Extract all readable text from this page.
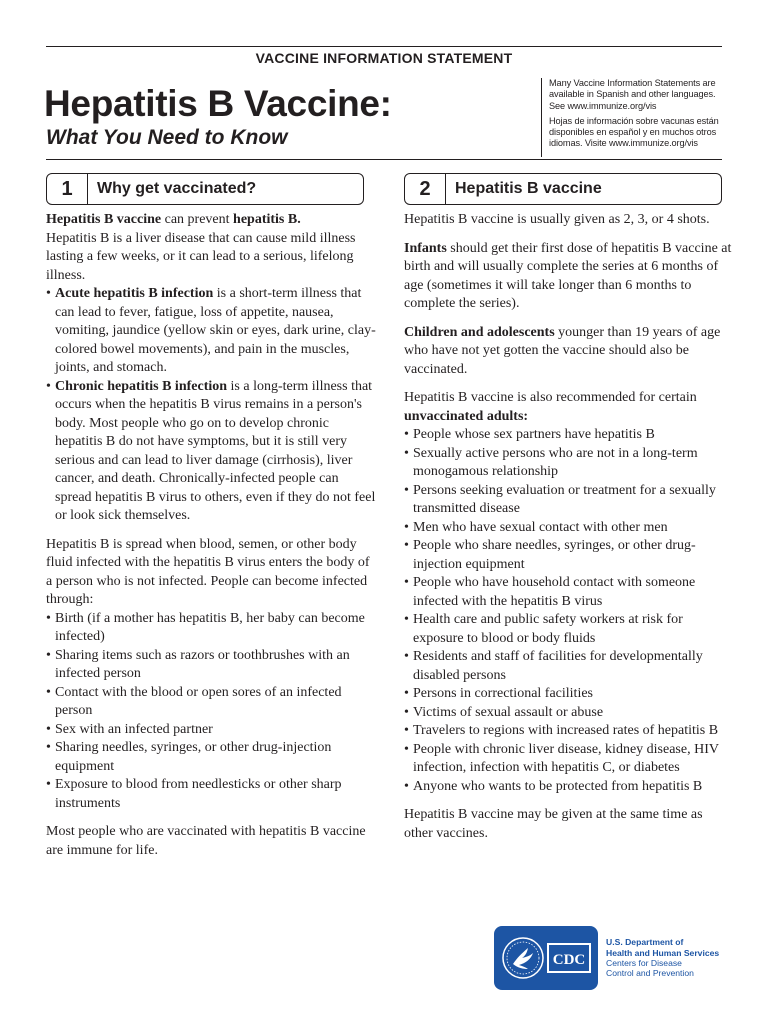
VACCINE INFORMATION STATEMENT
Hepatitis B Vaccine:
What You Need to Know

Many Vaccine Information Statements are
available in Spanish and other languages.
See www.immunize.org/vis

Hojas de información sobre vacunas están
disponibles en español y en muchos otros
idiomas. Visite www.immunize.org/vis

1	Why get vaccinated?	2	Hepatitis B vaccine

Hepatitis B vaccine can prevent hepatitis B.
Hepatitis B is a liver disease that can cause mild illness lasting a few weeks, or it can lead to a serious, lifelong illness.

• Acute hepatitis B infection is a short-term illness that can lead to fever, fatigue, loss of appetite, nausea, vomiting, jaundice (yellow skin or eyes, dark urine, clay-colored bowel movements), and pain in the muscles, joints, and stomach.
• Chronic hepatitis B infection is a long-term illness that occurs when the hepatitis B virus remains in a person's body. Most people who go on to develop chronic hepatitis B do not have symptoms, but it is still very serious and can lead to liver damage (cirrhosis), liver cancer, and death. Chronically-infected people can spread hepatitis B virus to others, even if they do not feel or look sick themselves.

Hepatitis B is spread when blood, semen, or other body fluid infected with the hepatitis B virus enters the body of a person who is not infected. People can become infected through:

• Birth (if a mother has hepatitis B, her baby can become infected)
• Sharing items such as razors or toothbrushes with an infected person
• Contact with the blood or open sores of an infected person
• Sex with an infected partner
• Sharing needles, syringes, or other drug-injection equipment
• Exposure to blood from needlesticks or other sharp instruments

Most people who are vaccinated with hepatitis B vaccine are immune for life.

Hepatitis B vaccine is usually given as 2, 3, or 4 shots.

Infants should get their first dose of hepatitis B vaccine at birth and will usually complete the series at 6 months of age (sometimes it will take longer than 6 months to complete the series).

Children and adolescents younger than 19 years of age who have not yet gotten the vaccine should also be vaccinated.

Hepatitis B vaccine is also recommended for certain unvaccinated adults:

• People whose sex partners have hepatitis B
• Sexually active persons who are not in a long-term monogamous relationship
• Persons seeking evaluation or treatment for a sexually transmitted disease
• Men who have sexual contact with other men
• People who share needles, syringes, or other drug-injection equipment
• People who have household contact with someone infected with the hepatitis B virus
• Health care and public safety workers at risk for exposure to blood or body fluids
• Residents and staff of facilities for developmentally disabled persons
• Persons in correctional facilities
• Victims of sexual assault or abuse
• Travelers to regions with increased rates of hepatitis B
• People with chronic liver disease, kidney disease, HIV infection, infection with hepatitis C, or diabetes
• Anyone who wants to be protected from hepatitis B

Hepatitis B vaccine may be given at the same time as other vaccines.

CDC
U.S. Department of
Health and Human Services
Centers for Disease
Control and Prevention
